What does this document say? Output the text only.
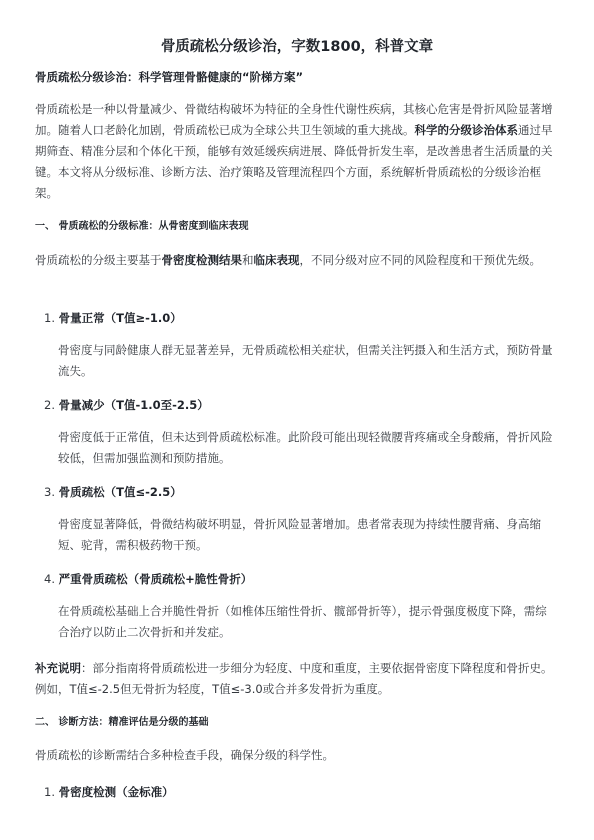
骨质疏松分级诊治，字数1800，科普文章
骨质疏松分级诊治：科学管理骨骼健康的“阶梯方案”

骨质疏松是一种以骨量减少、骨微结构破坏为特征的全身性代谢性疾病，其核心危害是骨折风险显著增加。随着人口老龄化加剧，骨质疏松已成为全球公共卫生领域的重大挑战。科学的分级诊治体系通过早期筛查、精准分层和个体化干预，能够有效延缓疾病进展、降低骨折发生率，是改善患者生活质量的关键。本文将从分级标准、诊断方法、治疗策略及管理流程四个方面，系统解析骨质疏松的分级诊治框架。

一、 骨质疏松的分级标准：从骨密度到临床表现

骨质疏松的分级主要基于骨密度检测结果和临床表现，不同分级对应不同的风险程度和干预优先级。

1. 骨量正常（T值≥-1.0）

骨密度与同龄健康人群无显著差异，无骨质疏松相关症状，但需关注钙摄入和生活方式，预防骨量流失。

2. 骨量减少（T值-1.0至-2.5）

骨密度低于正常值，但未达到骨质疏松标准。此阶段可能出现轻微腰背疼痛或全身酸痛，骨折风险较低，但需加强监测和预防措施。

3. 骨质疏松（T值≤-2.5）

骨密度显著降低，骨微结构破坏明显，骨折风险显著增加。患者常表现为持续性腰背痛、身高缩短、驼背，需积极药物干预。

4. 严重骨质疏松（骨质疏松+脆性骨折）

在骨质疏松基础上合并脆性骨折（如椎体压缩性骨折、髋部骨折等），提示骨强度极度下降，需综合治疗以防止二次骨折和并发症。

补充说明：部分指南将骨质疏松进一步细分为轻度、中度和重度，主要依据骨密度下降程度和骨折史。例如，T值≤-2.5但无骨折为轻度，T值≤-3.0或合并多发骨折为重度。

二、 诊断方法：精准评估是分级的基础

骨质疏松的诊断需结合多种检查手段，确保分级的科学性。

1. 骨密度检测（金标准）
